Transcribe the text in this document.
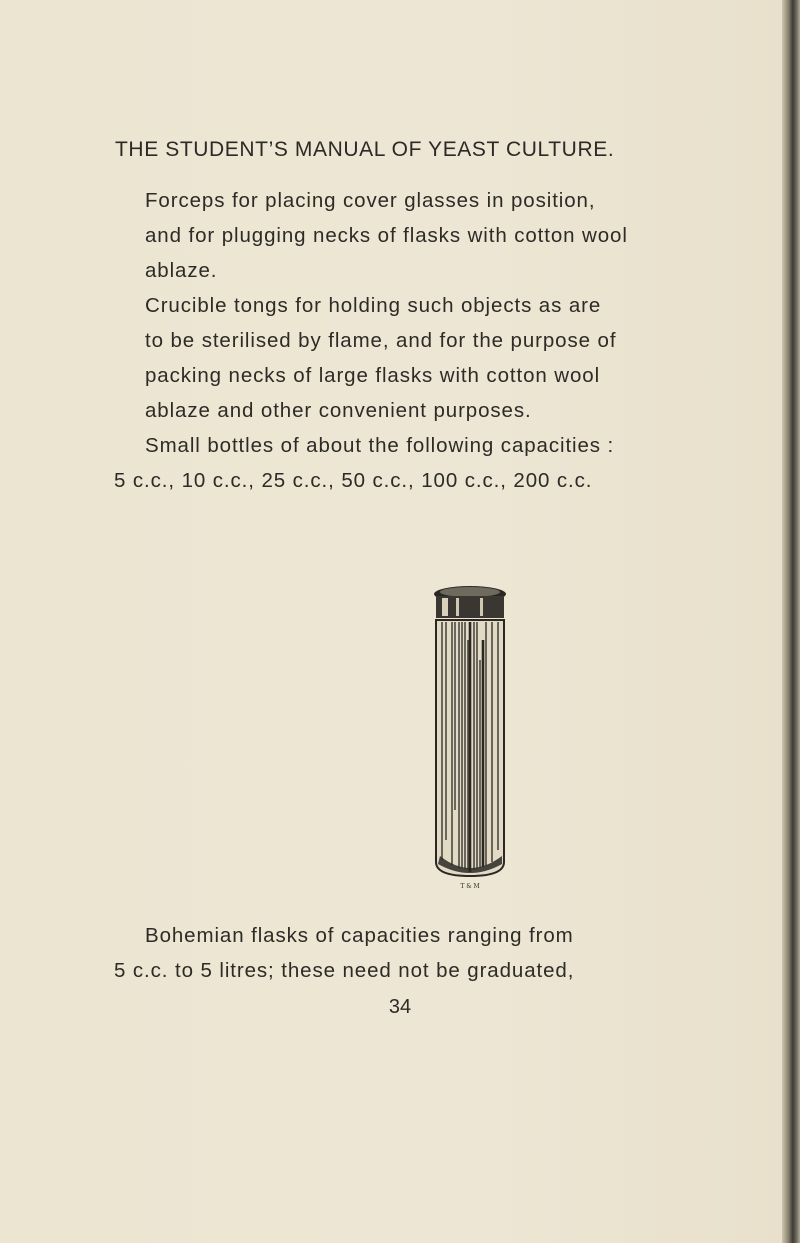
THE STUDENT’S MANUAL OF YEAST CULTURE.

Forceps for placing cover glasses in position,
and for plugging necks of flasks with cotton wool
ablaze.

Crucible tongs for holding such objects as are
to be sterilised by flame, and for the purpose of
packing necks of large flasks with cotton wool
ablaze and other convenient purposes.

Small bottles of about the following capacities :
5 c.c., 10 c.c., 25 c.c., 50 c.c., 100 c.c., 200 c.c.

T & M
Bohemian flasks of capacities ranging from
5 c.c. to 5 litres; these need not be graduated,
34
